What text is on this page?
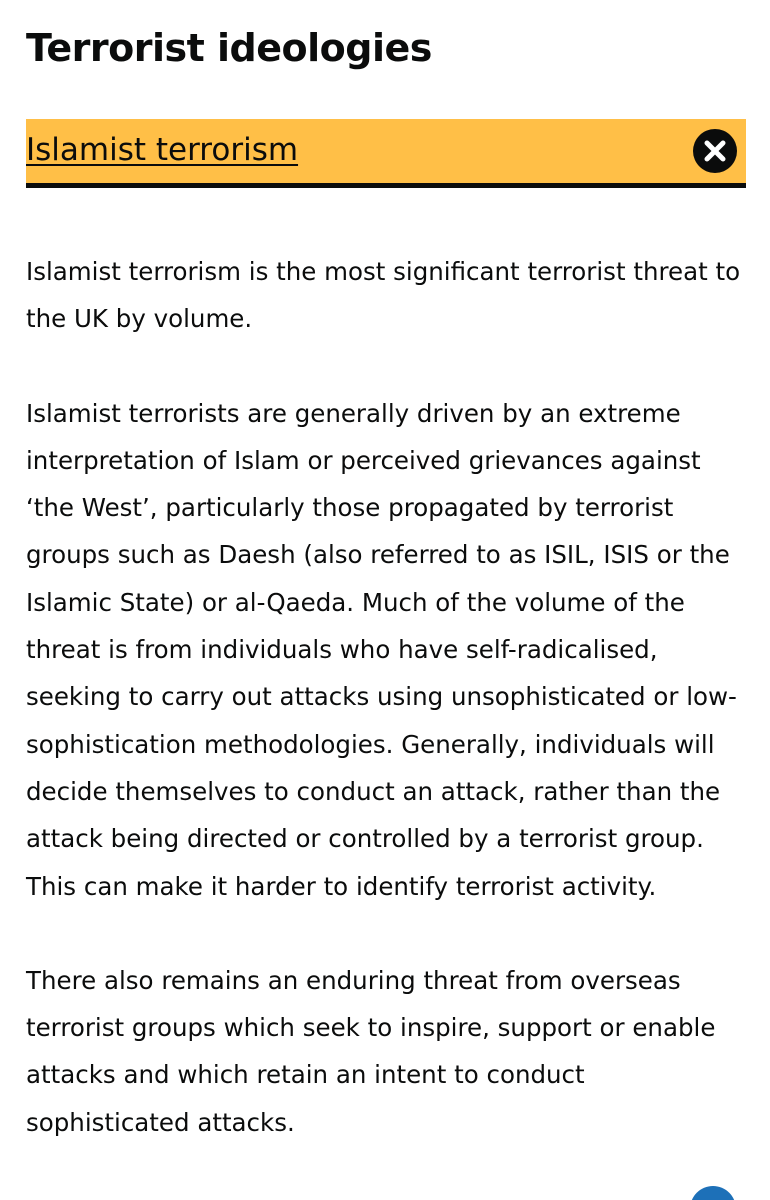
Terrorist ideologies
Islamist terrorism

Islamist terrorism is the most significant terrorist threat to the UK by volume.

Islamist terrorists are generally driven by an extreme interpretation of Islam or perceived grievances against ‘the West’, particularly those propagated by terrorist groups such as Daesh (also referred to as ISIL, ISIS or the Islamic State) or al-Qaeda. Much of the volume of the threat is from individuals who have self-radicalised, seeking to carry out attacks using unsophisticated or low-sophistication methodologies. Generally, individuals will decide themselves to conduct an attack, rather than the attack being directed or controlled by a terrorist group. This can make it harder to identify terrorist activity.

There also remains an enduring threat from overseas terrorist groups which seek to inspire, support or enable attacks and which retain an intent to conduct sophisticated attacks.
